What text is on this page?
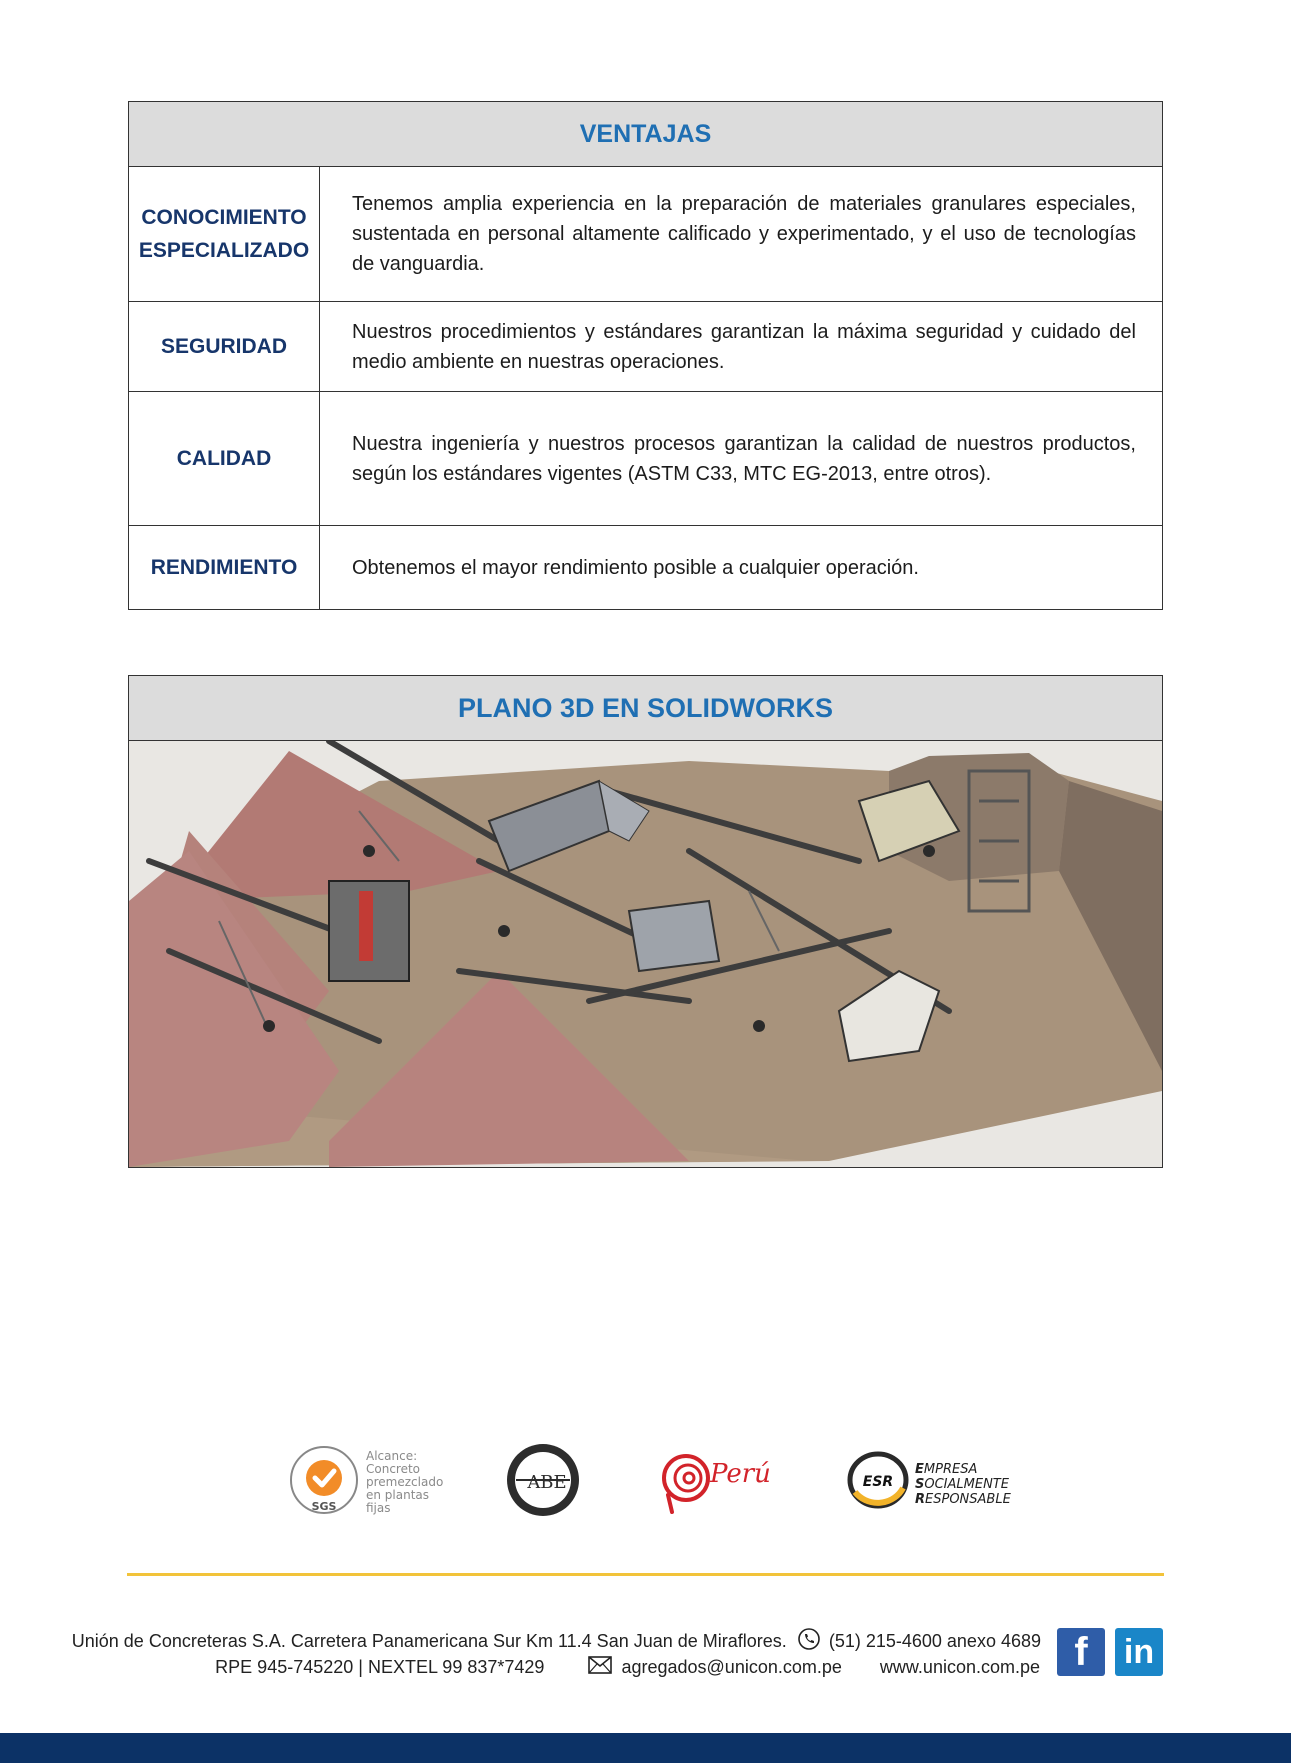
VENTAJAS	

CONOCIMIENTO
ESPECIALIZADO	Tenemos amplia experiencia en la preparación de materiales granulares especiales, sustentada en personal altamente calificado y experimentado, y el uso de tecnologías de vanguardia.
SEGURIDAD	Nuestros procedimientos y estándares garantizan la máxima seguridad y cuidado del medio ambiente en nuestras operaciones.
CALIDAD	Nuestra ingeniería y nuestros procesos garantizan la calidad de nuestros productos, según los estándares vigentes (ASTM C33, MTC EG-2013, entre otros).
RENDIMIENTO	Obtenemos el mayor rendimiento posible a cualquier operación.
PLANO 3D EN SOLIDWORKS
SGS
Alcance:
Concreto
premezclado
en plantas
fijas
ABE	Perú	ESR
EMPRESA
SOCIALMENTE
RESPONSABLE
Unión de Concreteras S.A. Carretera Panamericana Sur Km 11.4 San Juan de Miraflores. (51) 215-4600 anexo 4689
RPE 945-745220 | NEXTEL 99 837*7429	agregados@unicon.com.pe www.unicon.com.pe f	in
